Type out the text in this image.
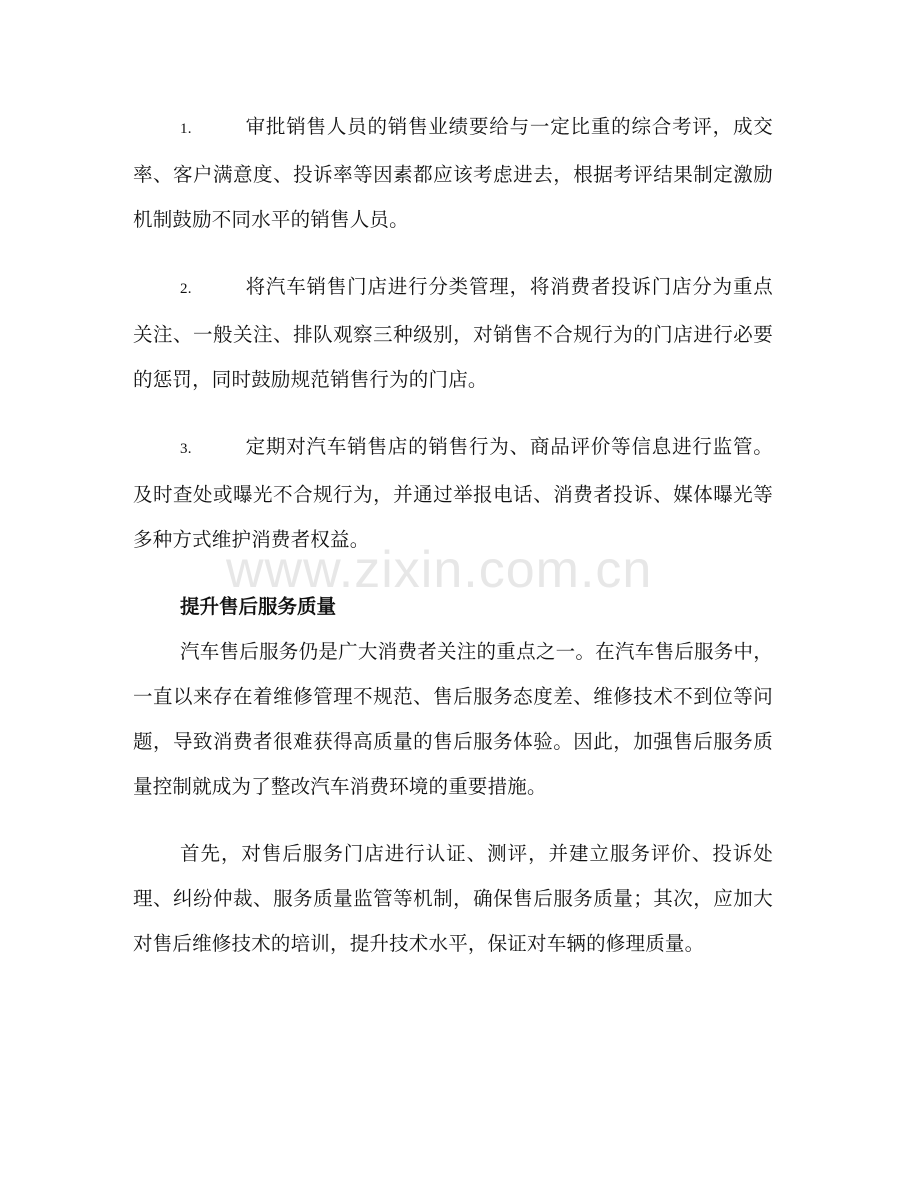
1.	审批销售人员的销售业绩要给与一定比重的综合考评，成交率、客户满意度、投诉率等因素都应该考虑进去，根据考评结果制定激励机制鼓励不同水平的销售人员。

2.	将汽车销售门店进行分类管理，将消费者投诉门店分为重点关注、一般关注、排队观察三种级别，对销售不合规行为的门店进行必要的惩罚，同时鼓励规范销售行为的门店。

3.	定期对汽车销售店的销售行为、商品评价等信息进行监管。及时查处或曝光不合规行为，并通过举报电话、消费者投诉、媒体曝光等多种方式维护消费者权益。

提升售后服务质量

汽车售后服务仍是广大消费者关注的重点之一。在汽车售后服务中，一直以来存在着维修管理不规范、售后服务态度差、维修技术不到位等问题，导致消费者很难获得高质量的售后服务体验。因此，加强售后服务质量控制就成为了整改汽车消费环境的重要措施。

首先，对售后服务门店进行认证、测评，并建立服务评价、投诉处理、纠纷仲裁、服务质量监管等机制，确保售后服务质量；其次，应加大对售后维修技术的培训，提升技术水平，保证对车辆的修理质量。

www.zixin.com.cn
